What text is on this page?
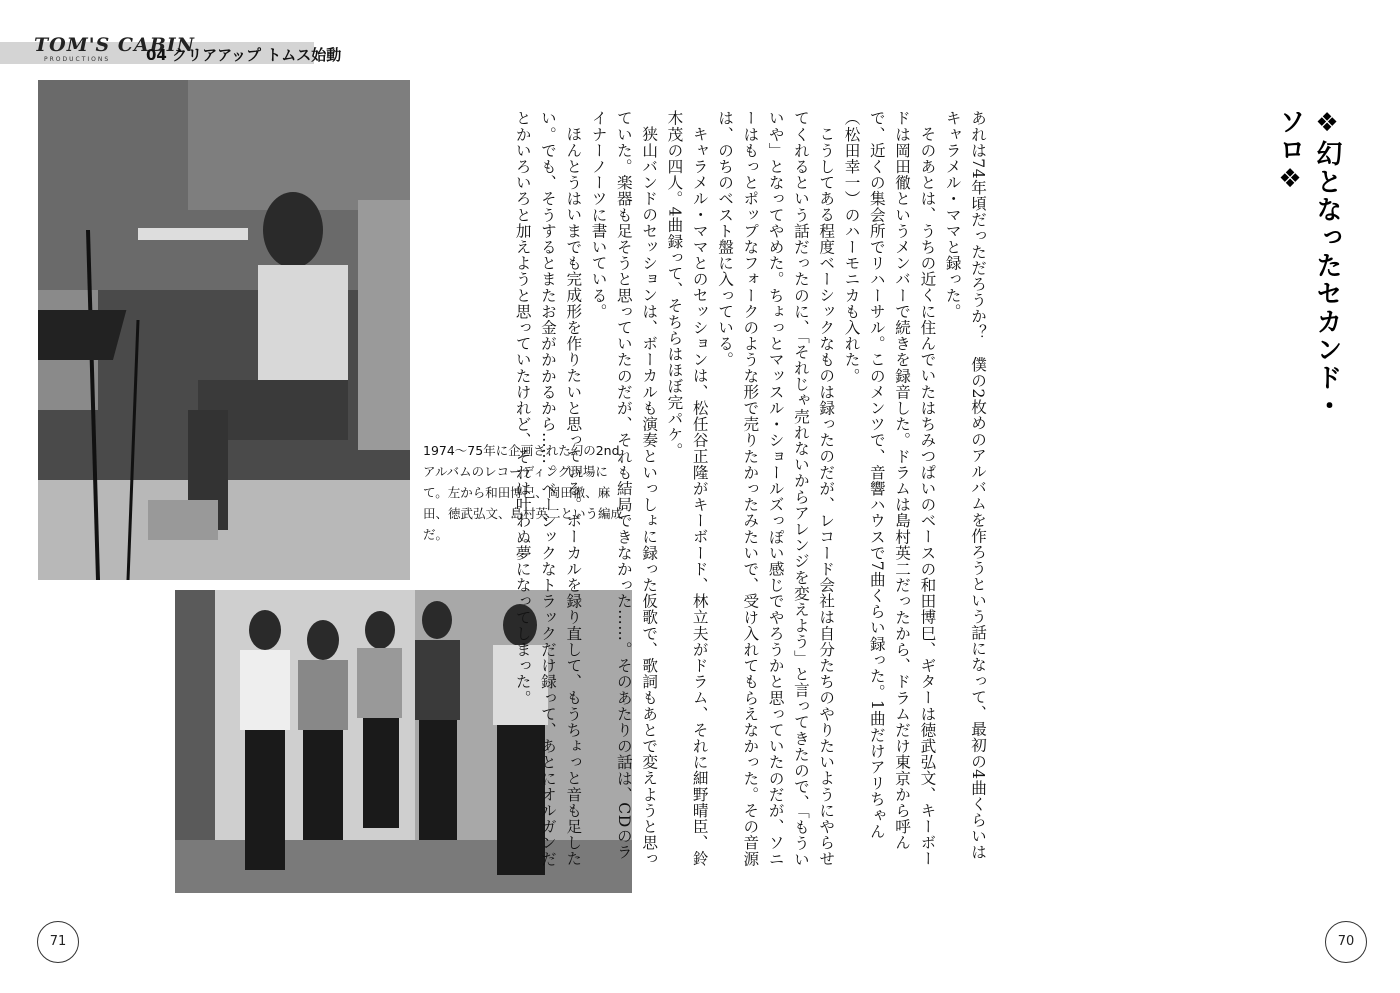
TOM'S CABIN
PRODUCTIONS 04 クリアアップ トムス始動
1974～75年に企画された幻の2ndアルバムのレコーディング現場にて。左から和田博巳、岡田徹、麻田、徳武弘文、島村英二という編成だ。	あれは74年頃だっただろうか？　僕の2枚めのアルバムを作ろうという話になって、最初の4曲くらいはキャラメル・ママと録った。

そのあとは、うちの近くに住んでいたはちみつぱいのベースの和田博巳、ギターは徳武弘文、キーボードは岡田徹というメンバーで続きを録音した。ドラムは島村英二だったから、ドラムだけ東京から呼んで、近くの集会所でリハーサル。このメンツで、音響ハウスで7曲くらい録った。1曲だけアリちゃん（松田幸一）のハーモニカも入れた。

こうしてある程度ベーシックなものは録ったのだが、レコード会社は自分たちのやりたいようにやらせてくれるという話だったのに、「それじゃ売れないからアレンジを変えよう」と言ってきたので、「もういいや」となってやめた。ちょっとマッスル・ショールズっぽい感じでやろうかと思っていたのだが、ソニーはもっとポップなフォークのような形で売りたかったみたいで、受け入れてもらえなかった。その音源は、のちのベスト盤に入っている。

キャラメル・ママとのセッションは、松任谷正隆がキーボード、林立夫がドラム、それに細野晴臣、鈴木茂の四人。4曲録って、そちらはほぼ完パケ。

狭山バンドのセッションは、ボーカルも演奏といっしょに録った仮歌で、歌詞もあとで変えようと思っていた。楽器も足そうと思っていたのだが、それも結局できなかった……。そのあたりの話は、CDのライナーノーツに書いている。

ほんとうはいまでも完成形を作りたいと思っている。ボーカルを録り直して、もうちょっと音も足したい。でも、そうするとまたお金がかかるから……。ベーシックなトラックだけ録って、あとにオルガンだとかいろいろと加えようと思っていたけれど、それは叶わぬ夢になってしまった。	❖幻となったセカンド・ソロ❖
71	70
